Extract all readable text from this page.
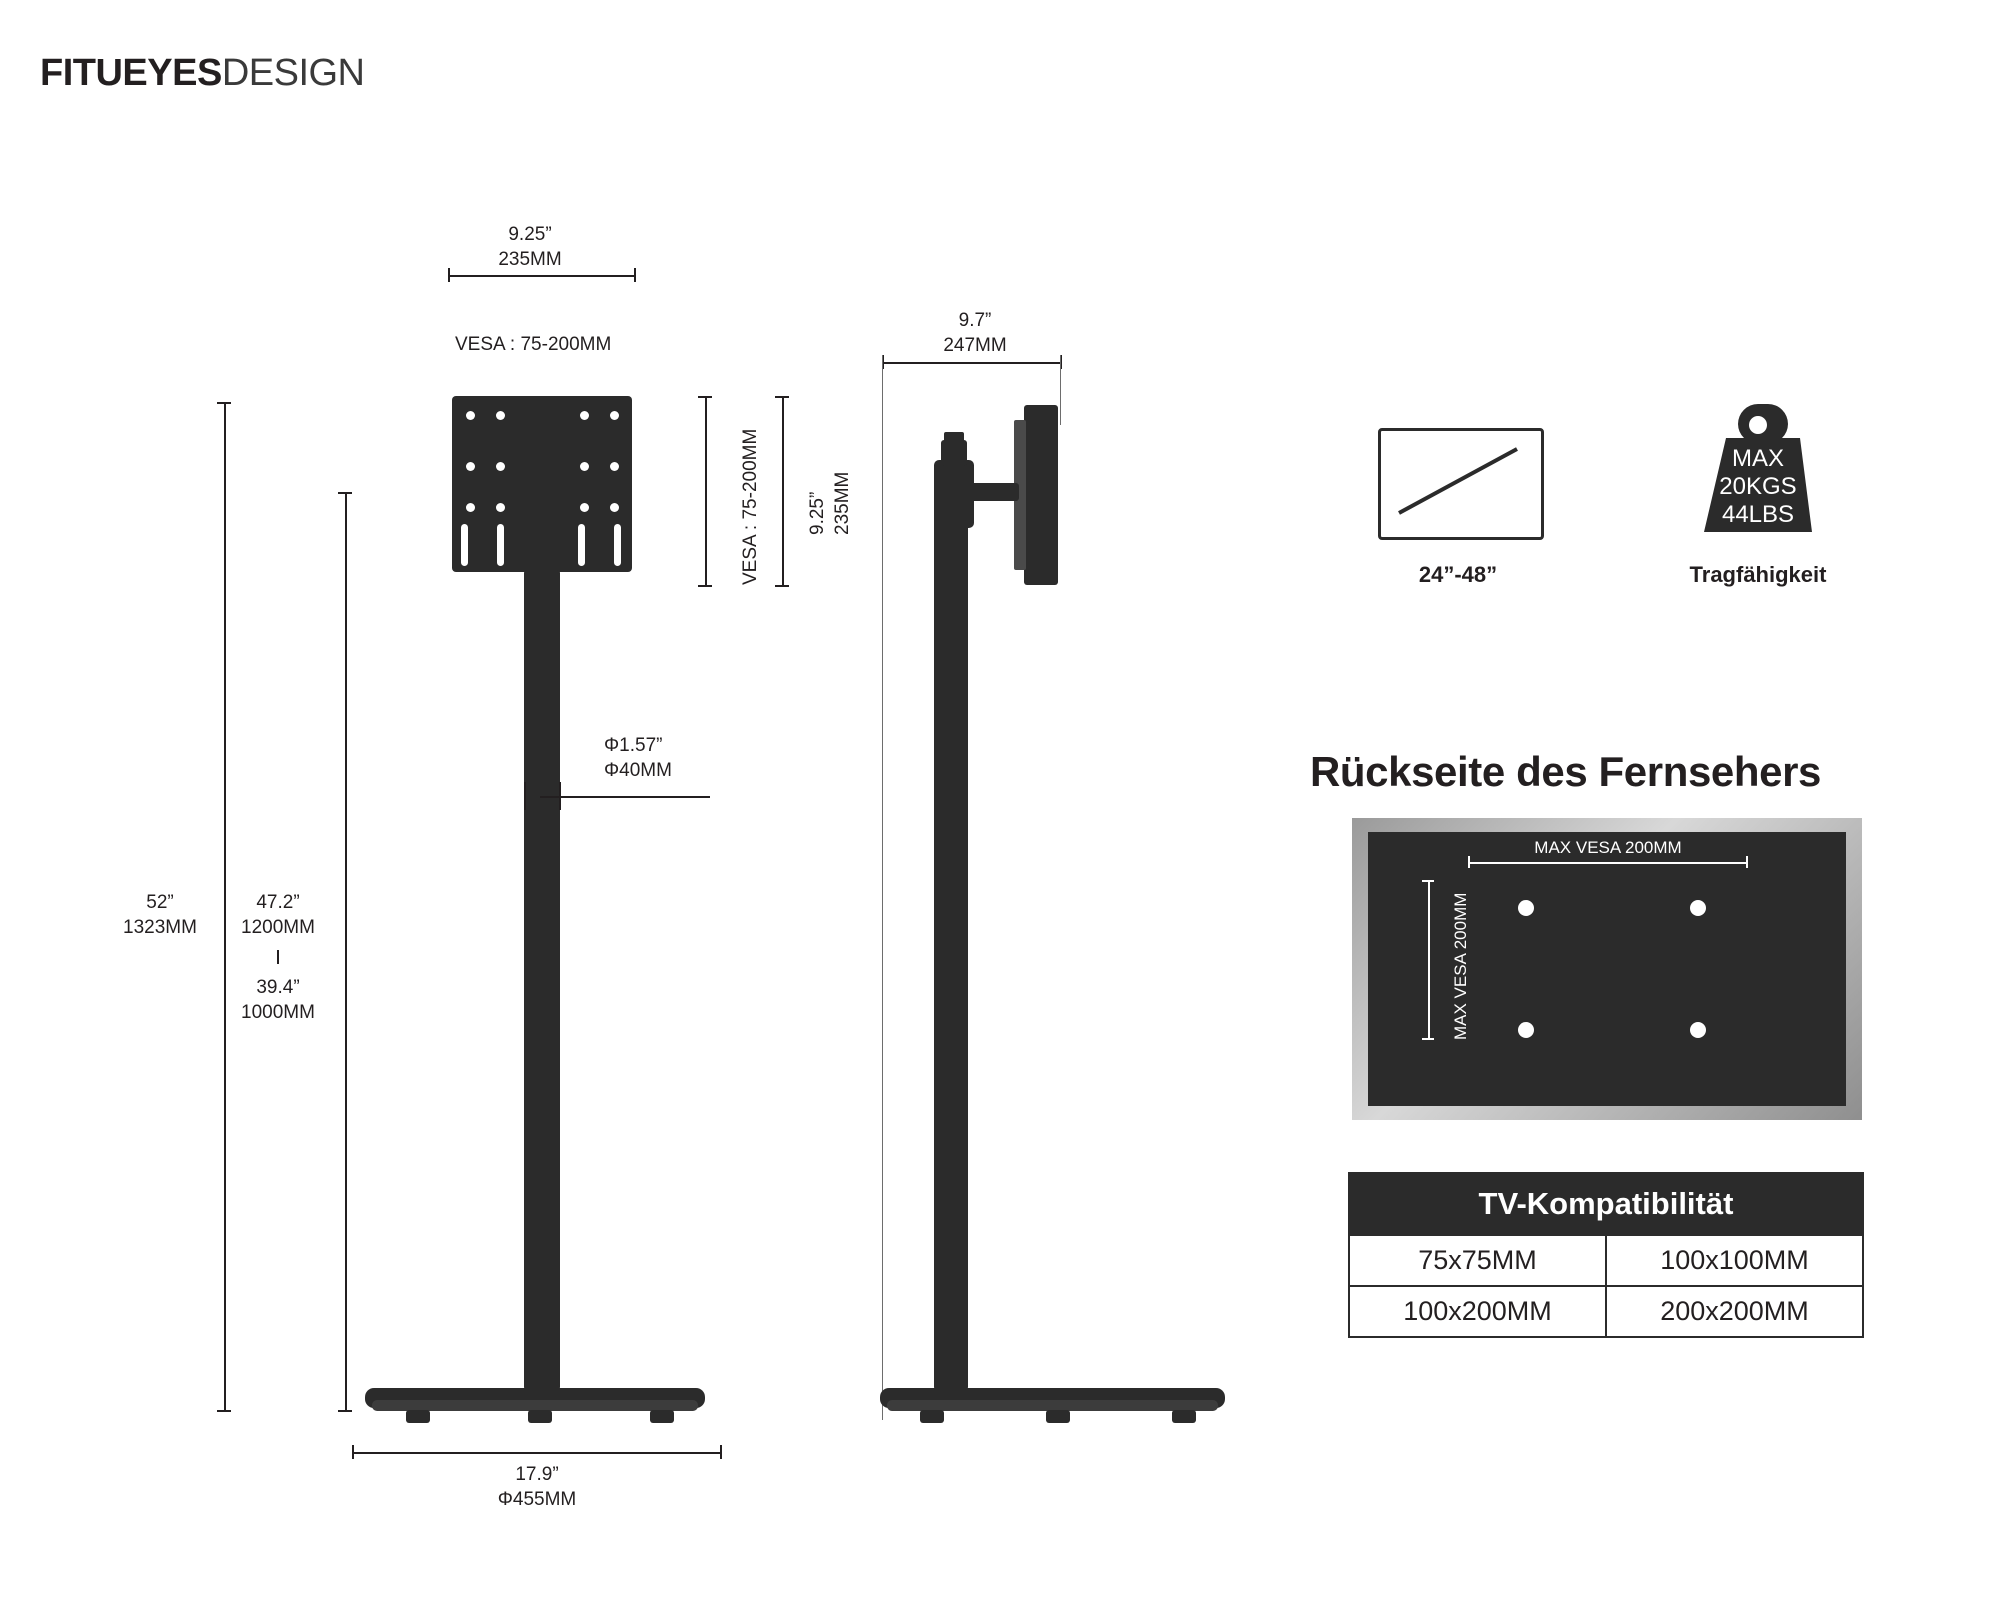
FITUEYESDESIGN
9.25”
235MM
VESA : 75-200MM
VESA : 75-200MM 9.25” 235MM
Φ1.57”
Φ40MM
52”
1323MM
47.2”
1200MM
39.4”
1000MM
17.9”
Φ455MM
9.7”
247MM
24”-48”
MAX
20KGS
44LBS
Tragfähigkeit
Rückseite des Fernsehers
MAX VESA 200MM
MAX VESA 200MM
TV-Kompatibilität	
75x75MM	100x100MM
100x200MM	200x200MM
